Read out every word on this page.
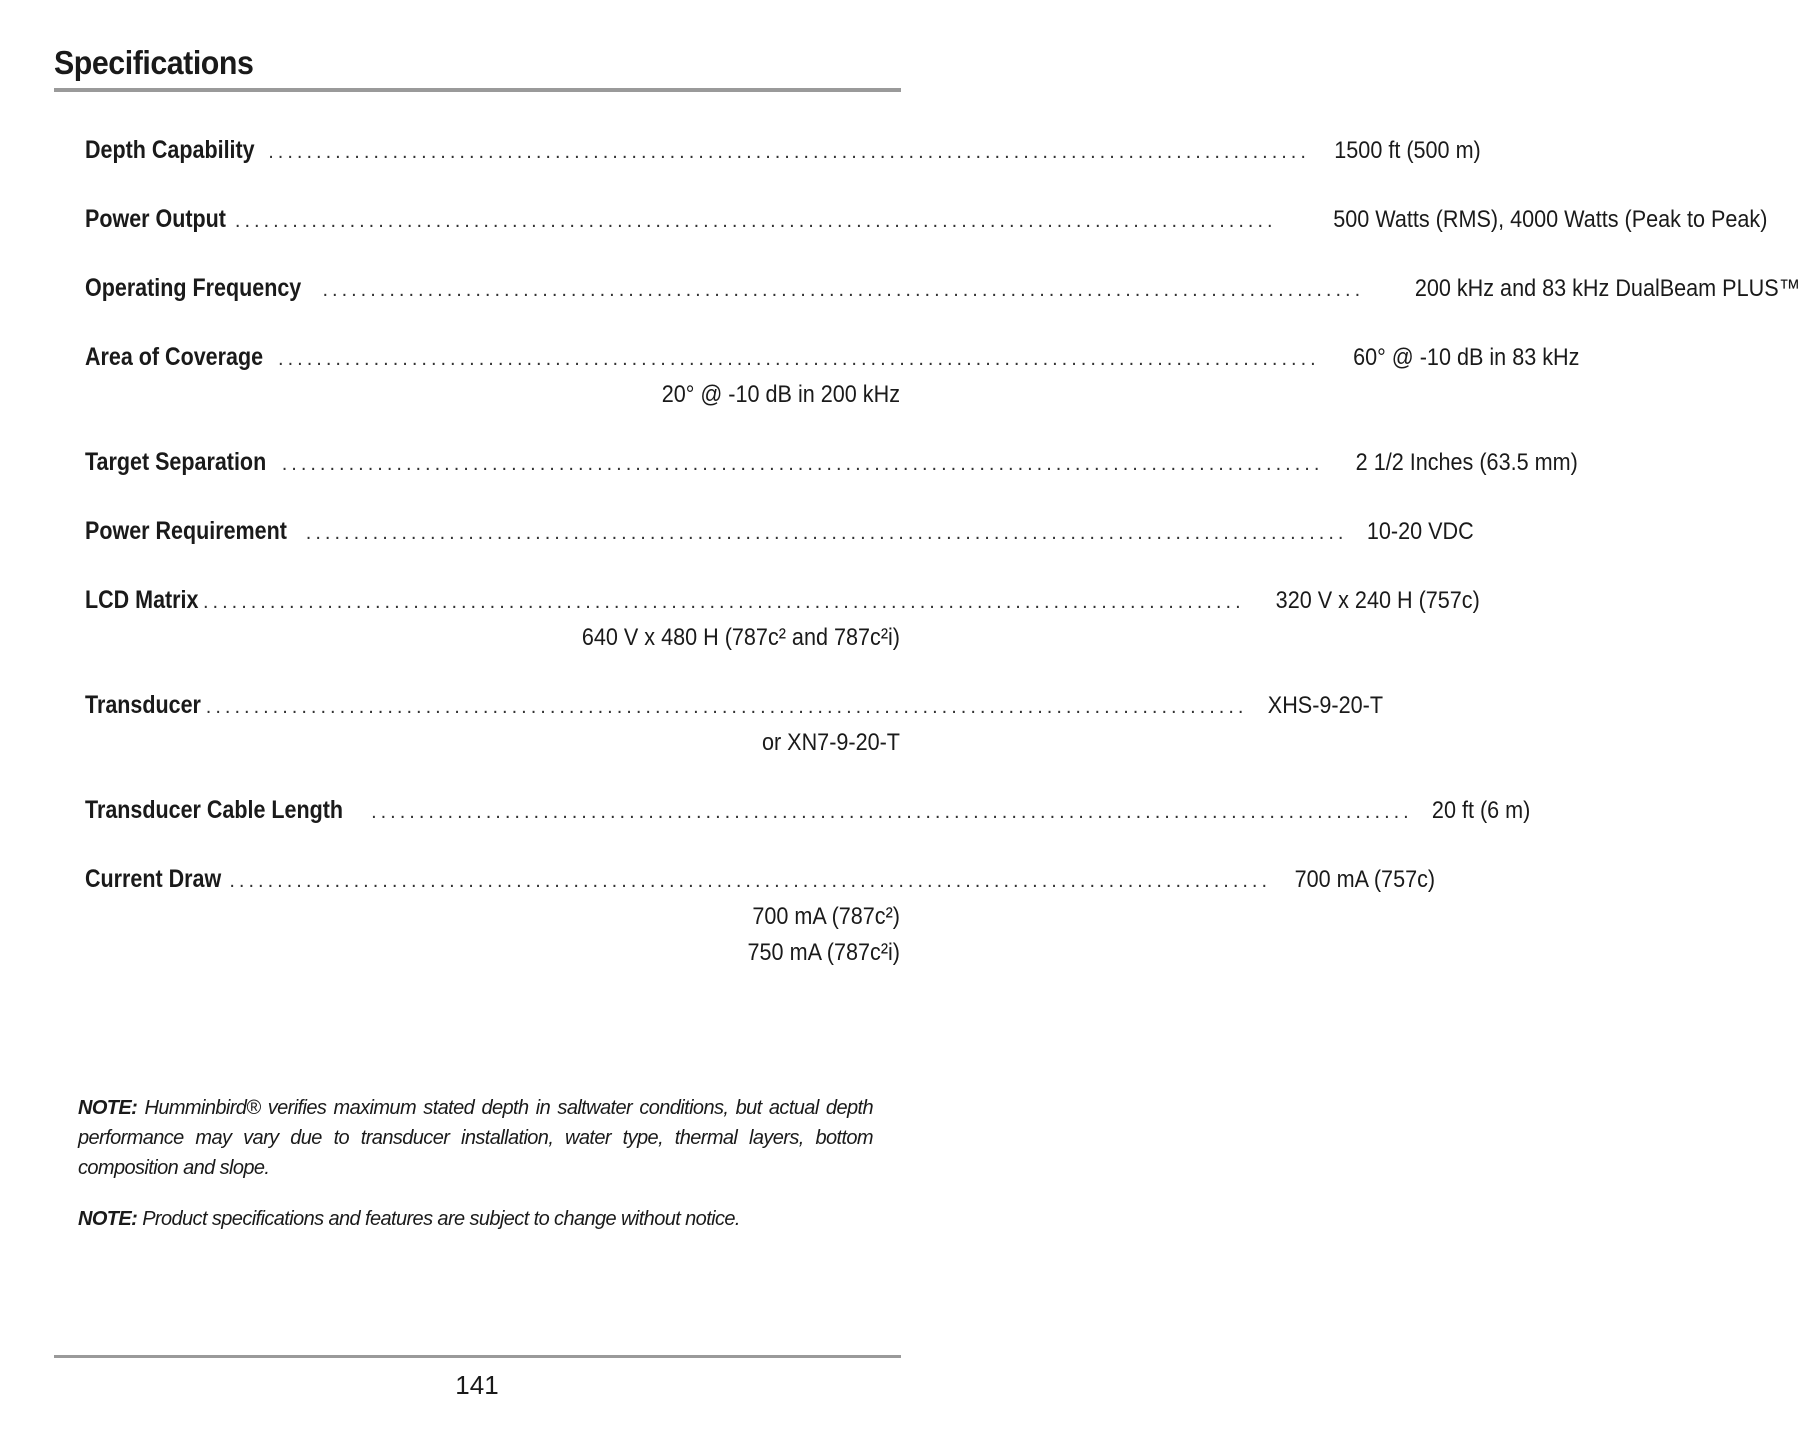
Specifications
Depth Capability ............................................................................................................. 1500 ft (500 m)
Power Output ............................................................................................................. 500 Watts (RMS), 4000 Watts (Peak to Peak)
Operating Frequency ............................................................................................................. 200 kHz and 83 kHz DualBeam PLUS™
Area of Coverage ............................................................................................................. 60° @ -10 dB in 83 kHz
20° @ -10 dB in 200 kHz
Target Separation ............................................................................................................. 2 1/2 Inches (63.5 mm)
Power Requirement ............................................................................................................. 10-20 VDC
LCD Matrix ............................................................................................................. 320 V x 240 H (757c)
640 V x 480 H (787c² and 787c²i)
Transducer ............................................................................................................. XHS-9-20-T
or XN7-9-20-T
Transducer Cable Length ............................................................................................................. 20 ft (6 m)
Current Draw ............................................................................................................. 700 mA (757c)
700 mA (787c²)
750 mA (787c²i)
NOTE: Humminbird® verifies maximum stated depth in saltwater conditions, but actual depth performance may vary due to transducer installation, water type, thermal layers, bottom composition and slope.
NOTE: Product specifications and features are subject to change without notice.
141
